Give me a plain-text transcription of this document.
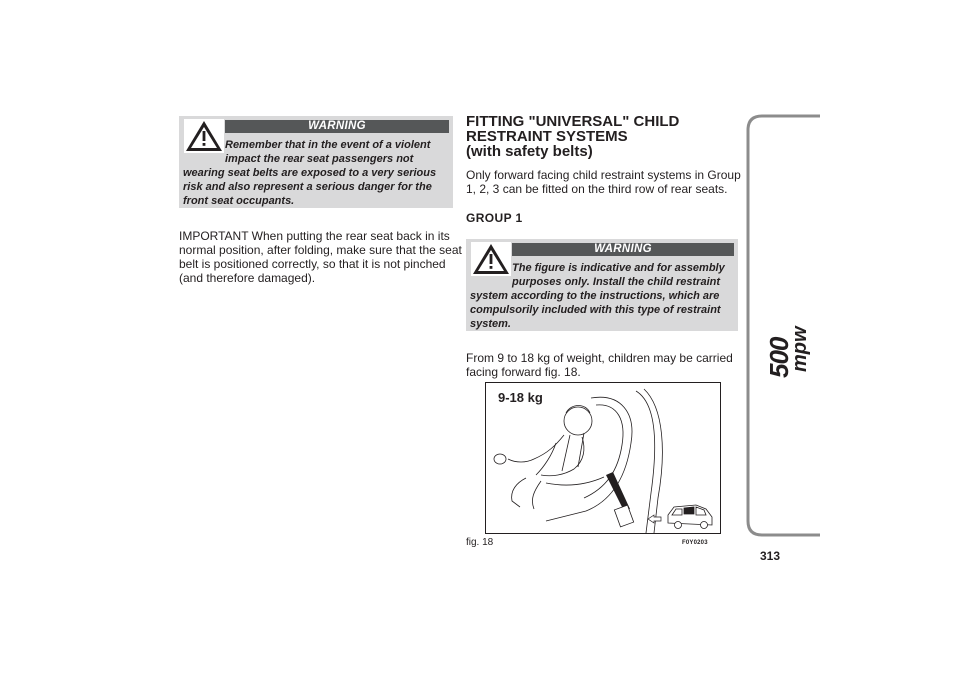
WARNING
Remember that in the event of a violent
impact the rear seat passengers not
wearing seat belts are exposed to a very serious
risk and also represent a serious danger for the
front seat occupants.

IMPORTANT When putting the rear seat back in its

normal position, after folding, make sure that the seat

belt is positioned correctly, so that it is not pinched

(and therefore damaged).

FITTING "UNIVERSAL" CHILD
RESTRAINT SYSTEMS
(with safety belts)

Only forward facing child restraint systems in Group

1, 2, 3 can be fitted on the third row of rear seats.

GROUP 1
WARNING
The figure is indicative and for assembly
purposes only. Install the child restraint
system according to the instructions, which are
compulsorily included with this type of restraint
system.

From 9 to 18 kg of weight, children may be carried

facing forward fig. 18.

9-18 kg
fig. 18	F0Y0203
500
mpw
313
